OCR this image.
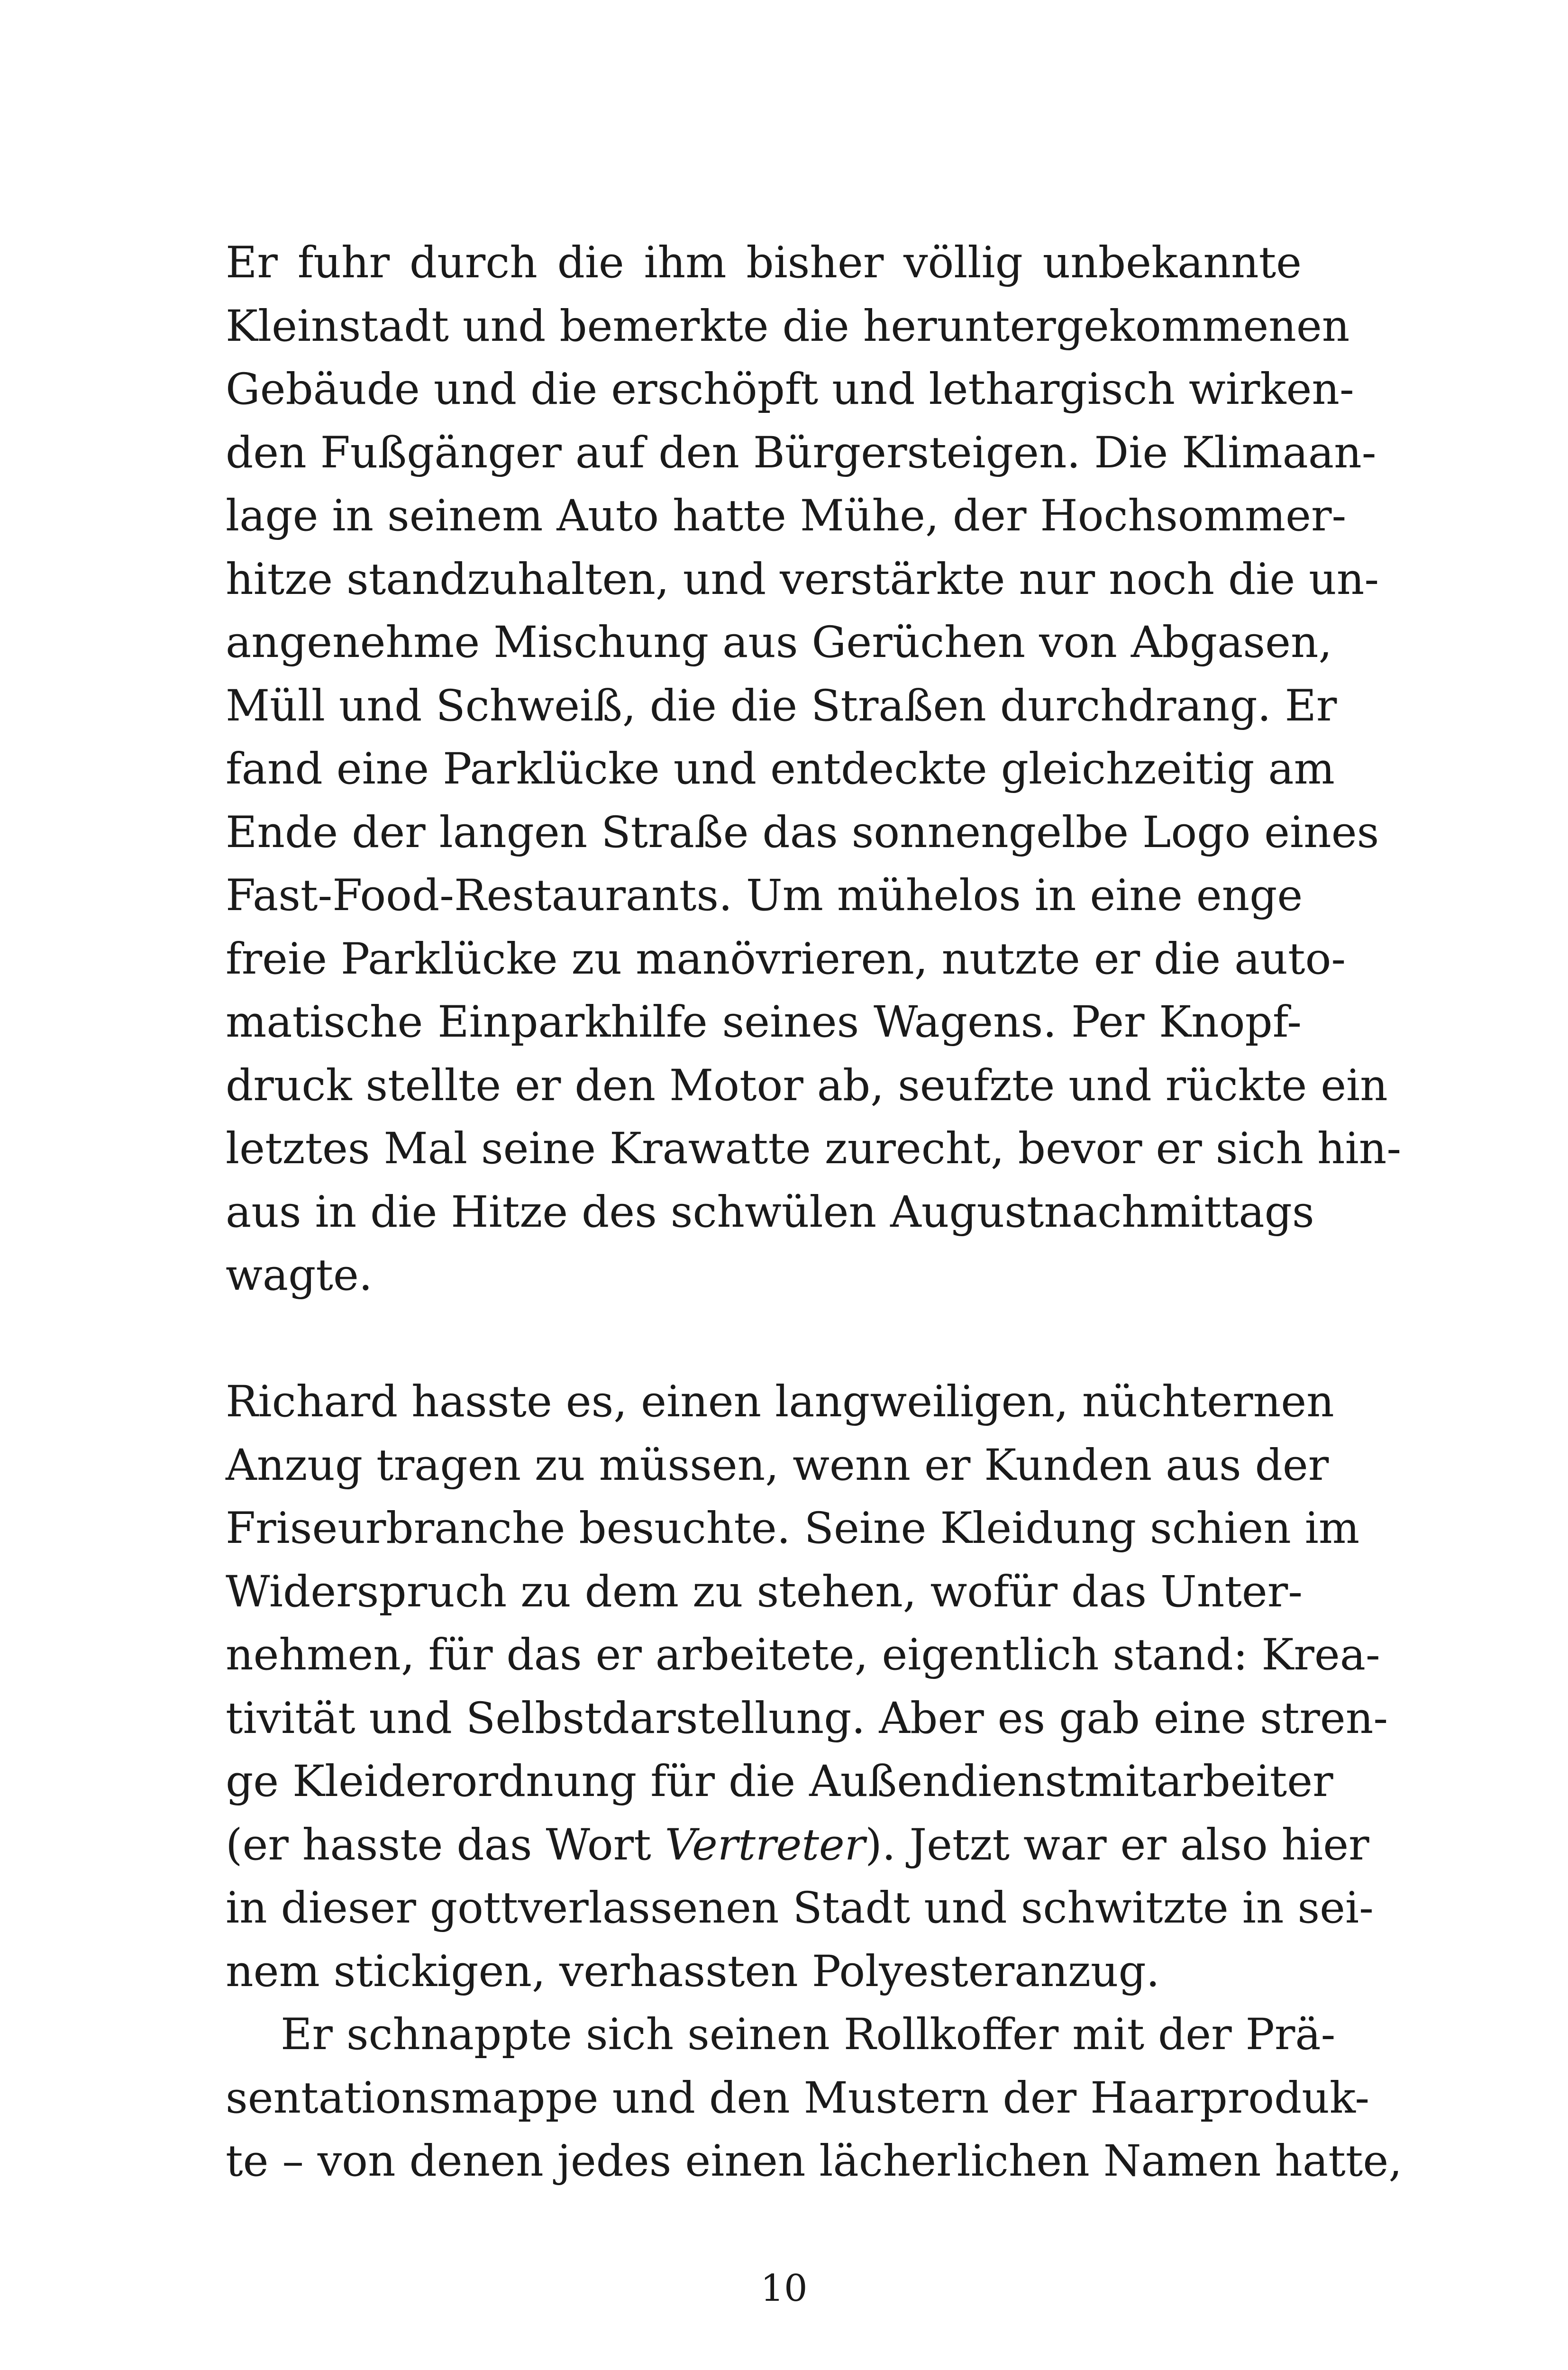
Er fuhr durch die ihm bisher völlig unbekannte
Kleinstadt und bemerkte die heruntergekommenen
Gebäude und die erschöpft und lethargisch wirken-
den Fußgänger auf den Bürgersteigen. Die Klimaan-
lage in seinem Auto hatte Mühe, der Hochsommer-
hitze standzuhalten, und verstärkte nur noch die un-
angenehme Mischung aus Gerüchen von Abgasen,
Müll und Schweiß, die die Straßen durchdrang. Er
fand eine Parklücke und entdeckte gleichzeitig am
Ende der langen Straße das sonnengelbe Logo eines
Fast-Food-Restaurants. Um mühelos in eine enge
freie Parklücke zu manövrieren, nutzte er die auto-
matische Einparkhilfe seines Wagens. Per Knopf-
druck stellte er den Motor ab, seufzte und rückte ein
letztes Mal seine Krawatte zurecht, bevor er sich hin-
aus in die Hitze des schwülen Augustnachmittags
wagte.
Richard hasste es, einen langweiligen, nüchternen
Anzug tragen zu müssen, wenn er Kunden aus der
Friseurbranche besuchte. Seine Kleidung schien im
Widerspruch zu dem zu stehen, wofür das Unter-
nehmen, für das er arbeitete, eigentlich stand: Krea-
tivität und Selbstdarstellung. Aber es gab eine stren-
ge Kleiderordnung für die Außendienstmitarbeiter
(er hasste das Wort Vertreter). Jetzt war er also hier
in dieser gottverlassenen Stadt und schwitzte in sei-
nem stickigen, verhassten Polyesteranzug.
Er schnappte sich seinen Rollkoffer mit der Prä-
sentationsmappe und den Mustern der Haarproduk-
te – von denen jedes einen lächerlichen Namen hatte,
10
